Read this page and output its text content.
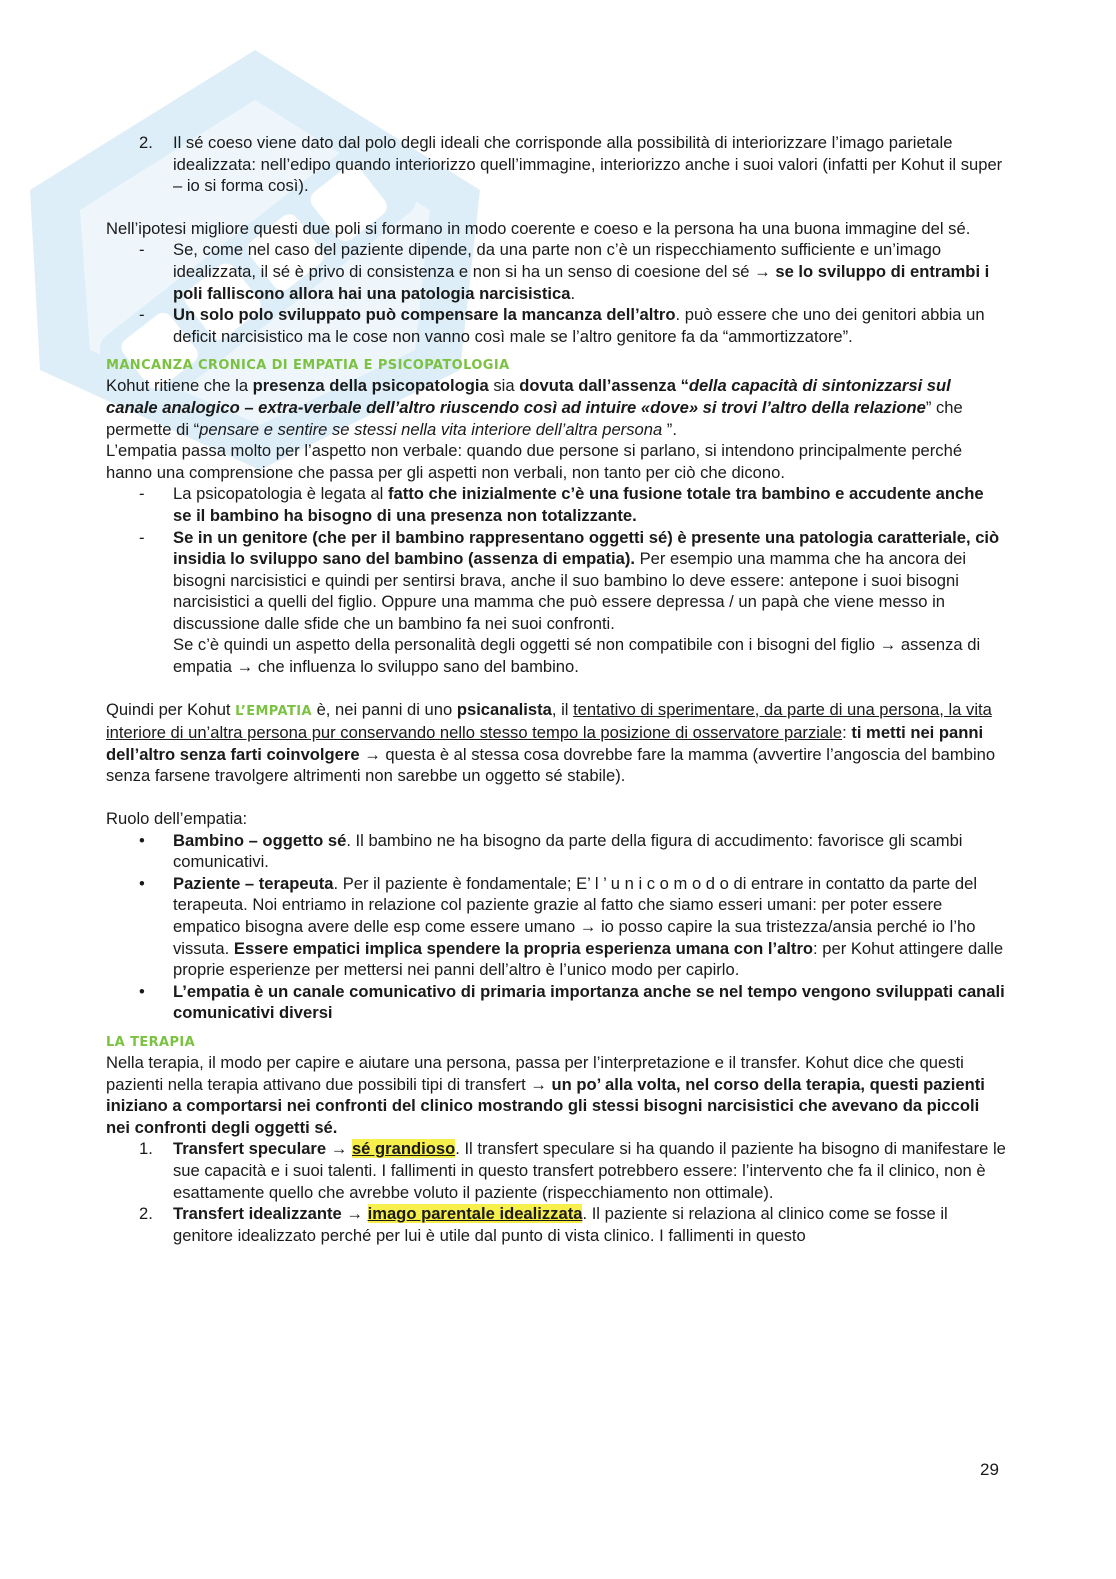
2. Il sé coeso viene dato dal polo degli ideali che corrisponde alla possibilità di interiorizzare l’imago parietale idealizzata: nell’edipo quando interiorizzo quell’immagine, interiorizzo anche i suoi valori (infatti per Kohut il super – io si forma così).

Nell’ipotesi migliore questi due poli si formano in modo coerente e coeso e la persona ha una buona immagine del sé.

- Se, come nel caso del paziente dipende, da una parte non c’è un rispecchiamento sufficiente e un’imago idealizzata, il sé è privo di consistenza e non si ha un senso di coesione del sé → se lo sviluppo di entrambi i poli falliscono allora hai una patologia narcisistica.
- Un solo polo sviluppato può compensare la mancanza dell’altro. può essere che uno dei genitori abbia un deficit narcisistico ma le cose non vanno così male se l’altro genitore fa da “ammortizzatore”.
MANCANZA CRONICA DI EMPATIA E PSICOPATOLOGIA

Kohut ritiene che la presenza della psicopatologia sia dovuta dall’assenza “della capacità di sintonizzarsi sul canale analogico – extra-verbale dell’altro riuscendo così ad intuire «dove» si trovi l’altro della relazione” che permette di “pensare e sentire se stessi nella vita interiore dell’altra persona ”.

L’empatia passa molto per l’aspetto non verbale: quando due persone si parlano, si intendono principalmente perché hanno una comprensione che passa per gli aspetti non verbali, non tanto per ciò che dicono.

- La psicopatologia è legata al fatto che inizialmente c’è una fusione totale tra bambino e accudente anche se il bambino ha bisogno di una presenza non totalizzante.
- Se in un genitore (che per il bambino rappresentano oggetti sé) è presente una patologia caratteriale, ciò insidia lo sviluppo sano del bambino (assenza di empatia). Per esempio una mamma che ha ancora dei bisogni narcisistici e quindi per sentirsi brava, anche il suo bambino lo deve essere: antepone i suoi bisogni narcisistici a quelli del figlio. Oppure una mamma che può essere depressa / un papà che viene messo in discussione dalle sfide che un bambino fa nei suoi confronti.
Se c’è quindi un aspetto della personalità degli oggetti sé non compatibile con i bisogni del figlio → assenza di empatia → che influenza lo sviluppo sano del bambino.

Quindi per Kohut L’EMPATIA è, nei panni di uno psicanalista, il tentativo di sperimentare, da parte di una persona, la vita interiore di un’altra persona pur conservando nello stesso tempo la posizione di osservatore parziale: ti metti nei panni dell’altro senza farti coinvolgere → questa è al stessa cosa dovrebbe fare la mamma (avvertire l’angoscia del bambino senza farsene travolgere altrimenti non sarebbe un oggetto sé stabile).

Ruolo dell’empatia:

• Bambino – oggetto sé. Il bambino ne ha bisogno da parte della figura di accudimento: favorisce gli scambi comunicativi.
• Paziente – terapeuta. Per il paziente è fondamentale; E’ l ’ u n i c o m o d o di entrare in contatto da parte del terapeuta. Noi entriamo in relazione col paziente grazie al fatto che siamo esseri umani: per poter essere empatico bisogna avere delle esp come essere umano → io posso capire la sua tristezza/ansia perché io l’ho vissuta. Essere empatici implica spendere la propria esperienza umana con l’altro: per Kohut attingere dalle proprie esperienze per mettersi nei panni dell’altro è l’unico modo per capirlo.
• L’empatia è un canale comunicativo di primaria importanza anche se nel tempo vengono sviluppati canali comunicativi diversi
LA TERAPIA

Nella terapia, il modo per capire e aiutare una persona, passa per l’interpretazione e il transfer. Kohut dice che questi pazienti nella terapia attivano due possibili tipi di transfert → un po’ alla volta, nel corso della terapia, questi pazienti iniziano a comportarsi nei confronti del clinico mostrando gli stessi bisogni narcisistici che avevano da piccoli nei confronti degli oggetti sé.

1. Transfert speculare → sé grandioso. Il transfert speculare si ha quando il paziente ha bisogno di manifestare le sue capacità e i suoi talenti. I fallimenti in questo transfert potrebbero essere: l’intervento che fa il clinico, non è esattamente quello che avrebbe voluto il paziente (rispecchiamento non ottimale).
2. Transfert idealizzante → imago parentale idealizzata. Il paziente si relaziona al clinico come se fosse il genitore idealizzato perché per lui è utile dal punto di vista clinico. I fallimenti in questo
29
